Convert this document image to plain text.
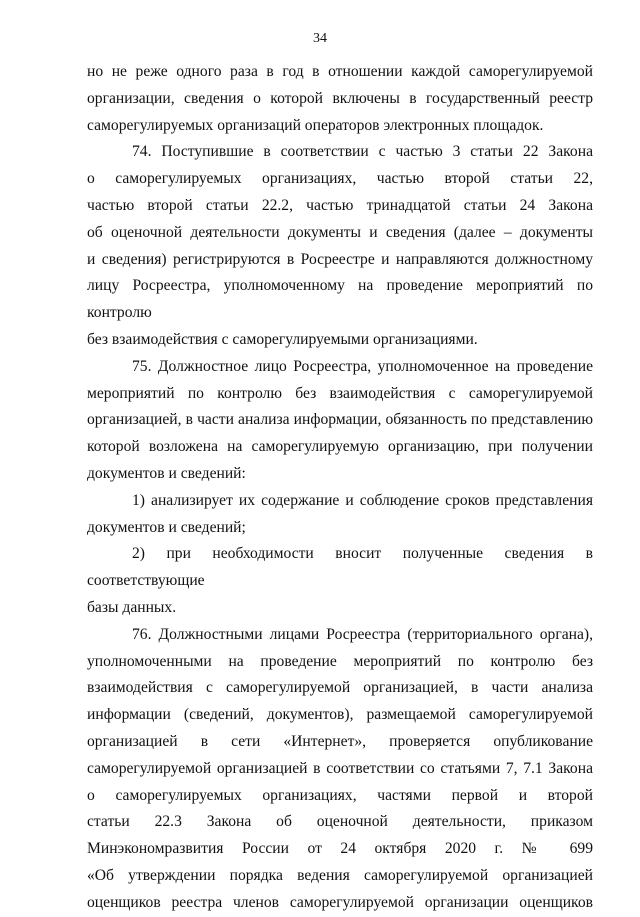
34
но не реже одного раза в год в отношении каждой саморегулируемой
организации, сведения о которой включены в государственный реестр
саморегулируемых организаций операторов электронных площадок.
74. Поступившие в соответствии с частью 3 статьи 22 Закона
о саморегулируемых организациях, частью второй статьи 22,
частью второй статьи 22.2, частью тринадцатой статьи 24 Закона
об оценочной деятельности документы и сведения (далее – документы
и сведения) регистрируются в Росреестре и направляются должностному
лицу Росреестра, уполномоченному на проведение мероприятий по контролю
без взаимодействия с саморегулируемыми организациями.
75. Должностное лицо Росреестра, уполномоченное на проведение
мероприятий по контролю без взаимодействия с саморегулируемой
организацией, в части анализа информации, обязанность по представлению
которой возложена на саморегулируемую организацию, при получении
документов и сведений:
1) анализирует их содержание и соблюдение сроков представления
документов и сведений;
2) при необходимости вносит полученные сведения в соответствующие
базы данных.
76. Должностными лицами Росреестра (территориального органа),
уполномоченными на проведение мероприятий по контролю без
взаимодействия с саморегулируемой организацией, в части анализа
информации (сведений, документов), размещаемой саморегулируемой
организацией в сети «Интернет», проверяется опубликование
саморегулируемой организацией в соответствии со статьями 7, 7.1 Закона
о саморегулируемых организациях, частями первой и второй
статьи 22.3 Закона об оценочной деятельности, приказом
Минэкономразвития России от 24 октября 2020 г. № 699
«Об утверждении порядка ведения саморегулируемой организацией
оценщиков реестра членов саморегулируемой организации оценщиков
